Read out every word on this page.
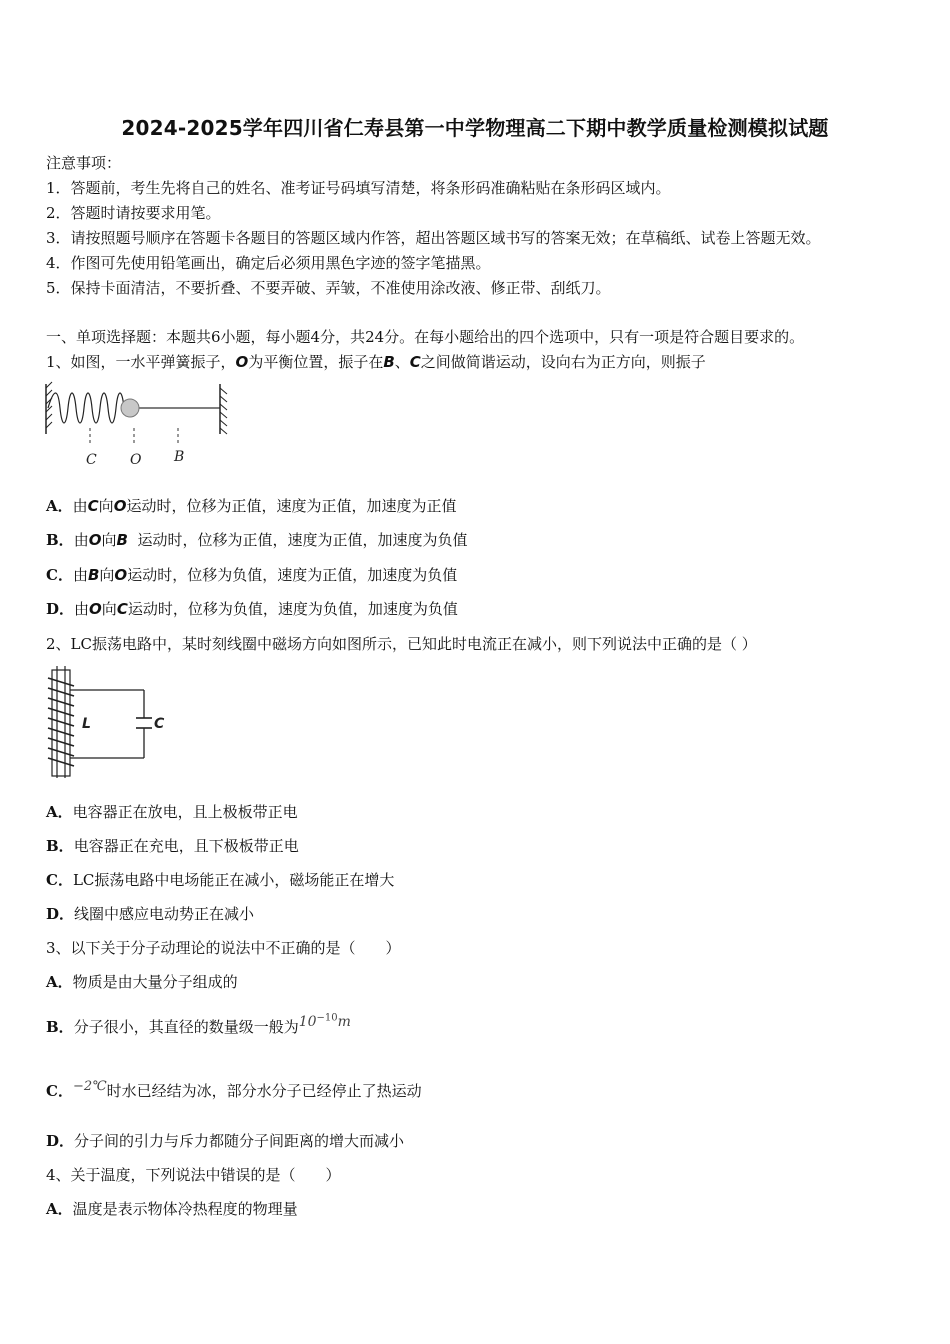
2024-2025学年四川省仁寿县第一中学物理高二下期中教学质量检测模拟试题
注意事项：
1．答题前，考生先将自己的姓名、准考证号码填写清楚，将条形码准确粘贴在条形码区域内。
2．答题时请按要求用笔。
3．请按照题号顺序在答题卡各题目的答题区域内作答，超出答题区域书写的答案无效；在草稿纸、试卷上答题无效。
4．作图可先使用铅笔画出，确定后必须用黑色字迹的签字笔描黑。
5．保持卡面清洁，不要折叠、不要弄破、弄皱，不准使用涂改液、修正带、刮纸刀。
一、单项选择题：本题共6小题，每小题4分，共24分。在每小题给出的四个选项中，只有一项是符合题目要求的。
1、如图，一水平弹簧振子，O为平衡位置，振子在B、C之间做简谐运动，设向右为正方向，则振子
C O B
A．由C向O运动时，位移为正值，速度为正值，加速度为正值
B．由O向B  运动时，位移为正值，速度为正值，加速度为负值
C．由B向O运动时，位移为负值，速度为正值，加速度为负值
D．由O向C运动时，位移为负值，速度为负值，加速度为负值
2、LC振荡电路中，某时刻线圈中磁场方向如图所示，已知此时电流正在减小，则下列说法中正确的是（ ）
L	C
A．电容器正在放电，且上极板带正电
B．电容器正在充电，且下极板带正电
C．LC振荡电路中电场能正在减小，磁场能正在增大
D．线圈中感应电动势正在减小
3、以下关于分子动理论的说法中不正确的是（　　）
A．物质是由大量分子组成的
B．分子很小，其直径的数量级一般为$10^{-10}m$
C．−2℃时水已经结为冰，部分水分子已经停止了热运动
D．分子间的引力与斥力都随分子间距离的增大而减小
4、关于温度，下列说法中错误的是（　　）
A．温度是表示物体冷热程度的物理量
